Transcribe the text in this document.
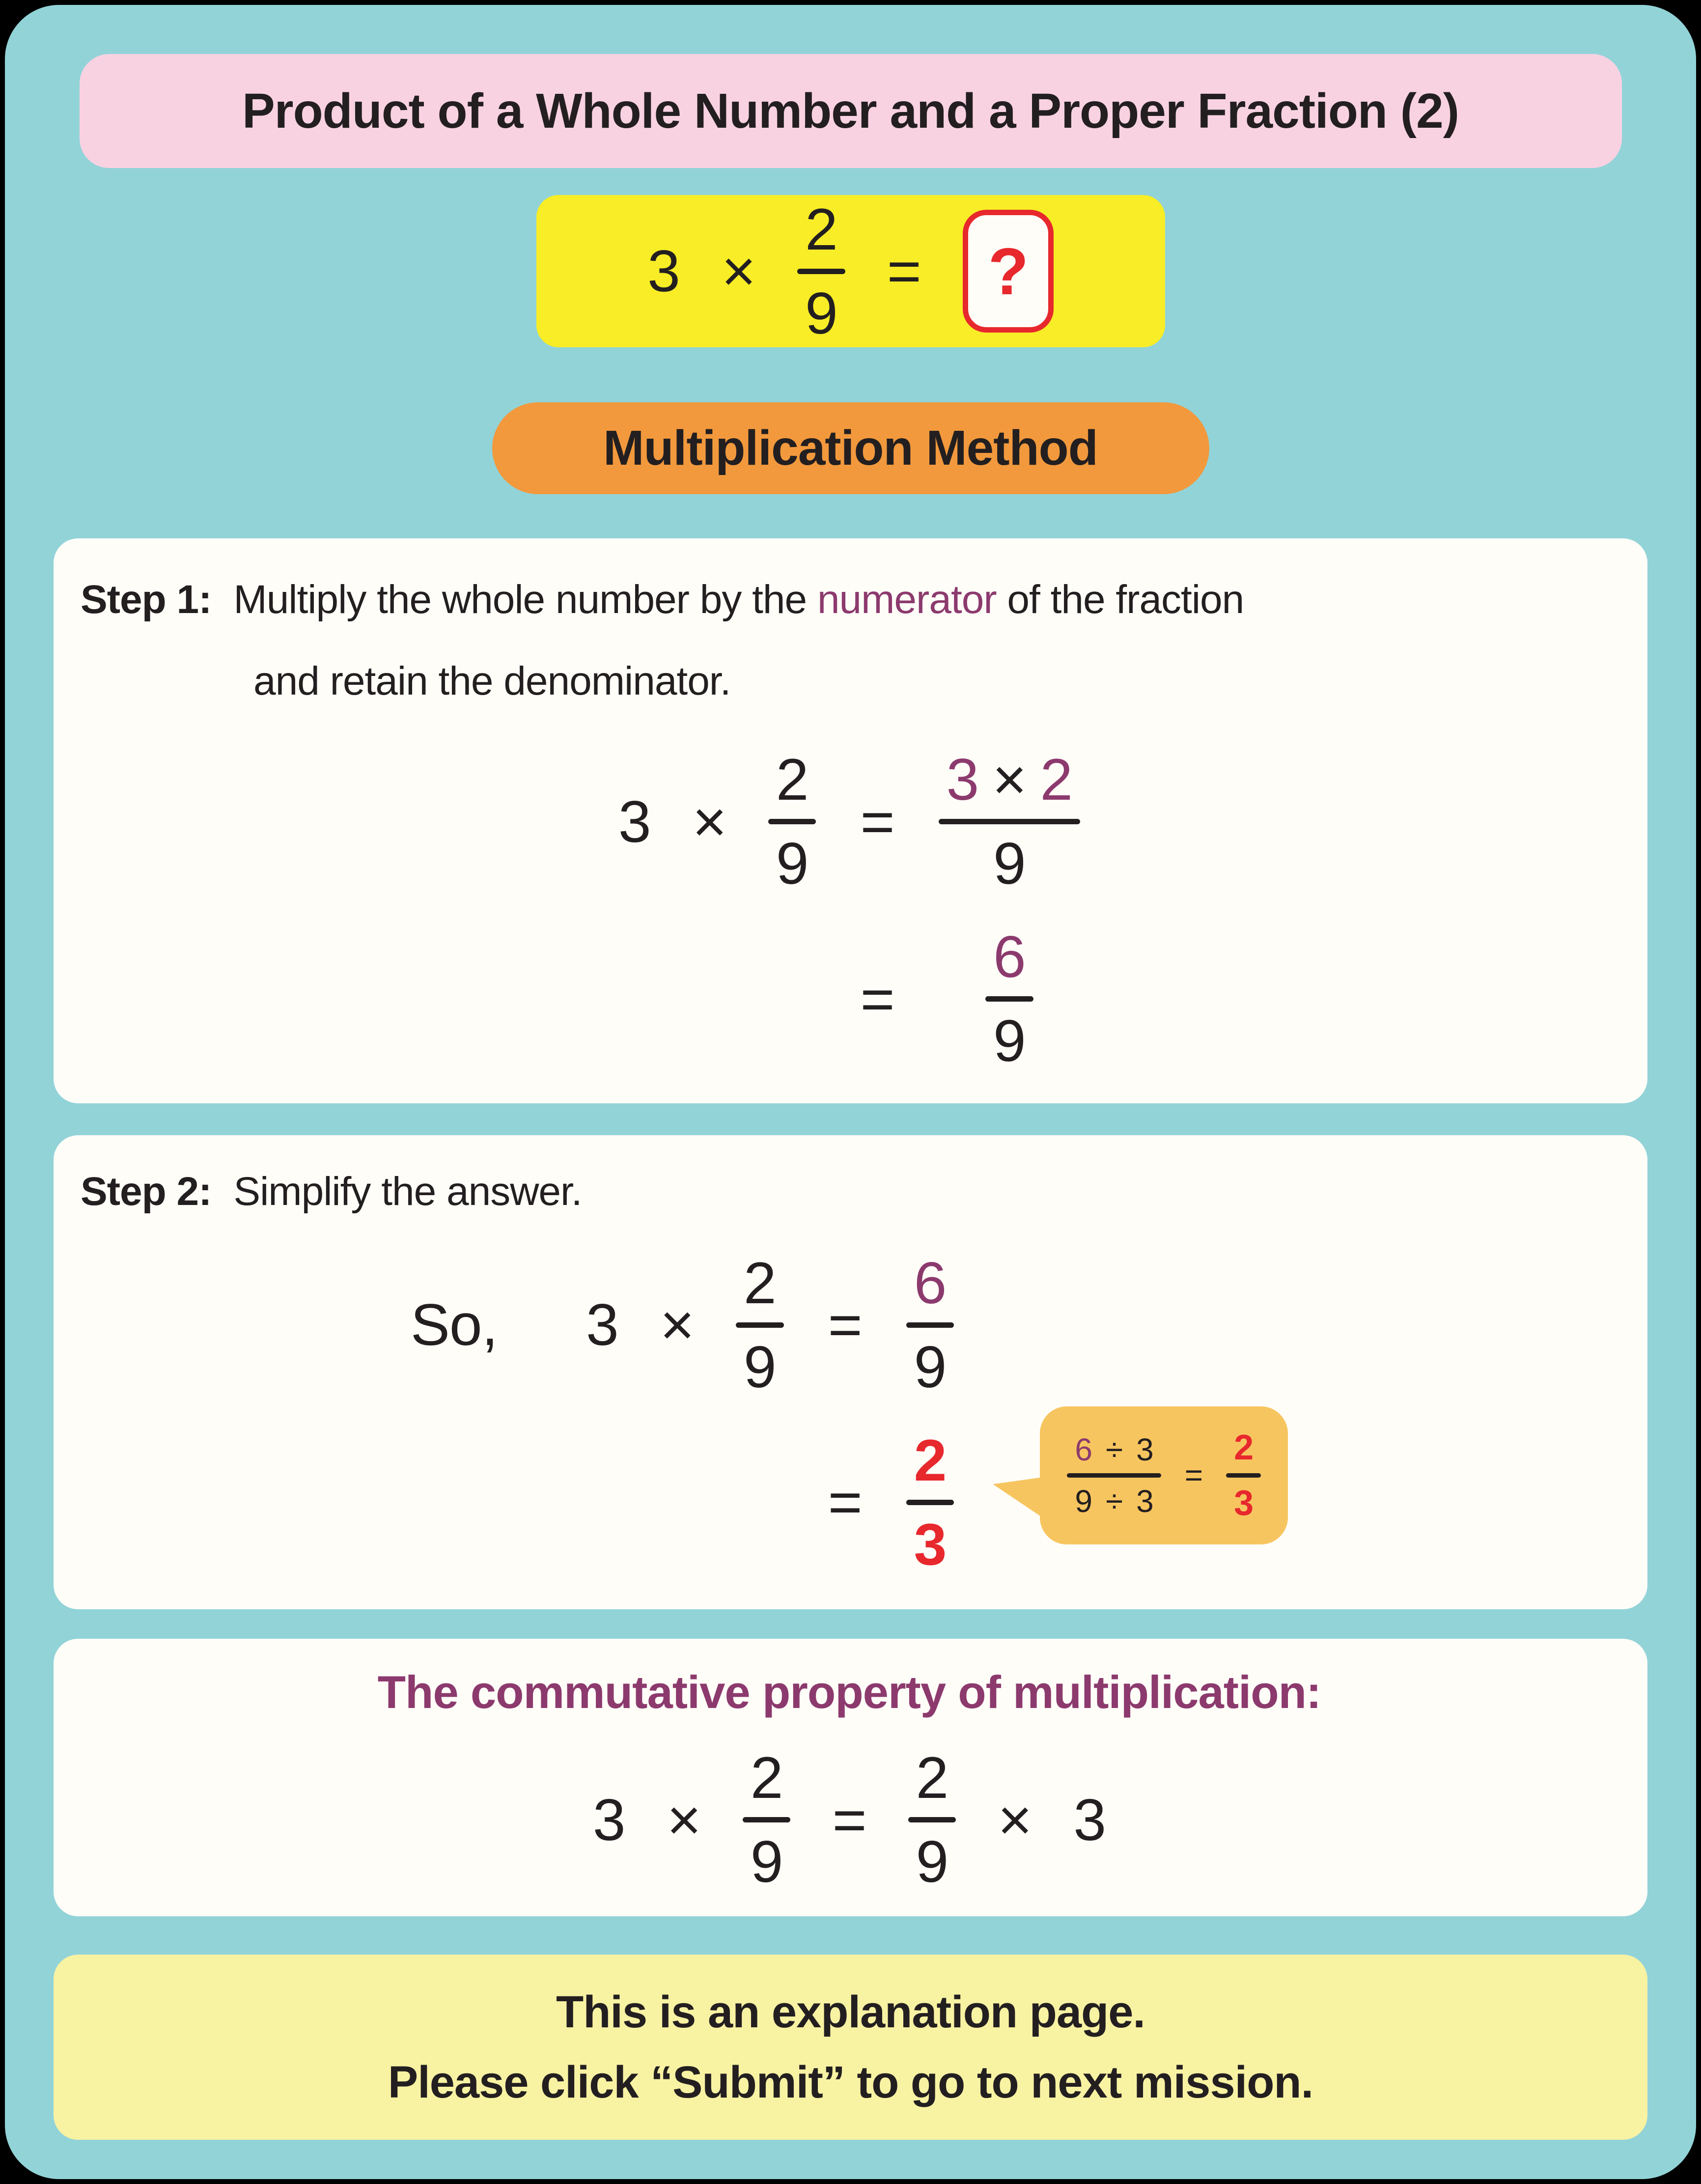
Product of a Whole Number and a Proper Fraction (2)
3 ×
2
9
= ?
Multiplication Method

Step 1: Multiply the whole number by the numerator of the fraction

and retain the denominator.

3 ×
2
9
=
3 × 2
9
=
6
9

Step 2: Simplify the answer.

So, 3 ×
2
9
=
6
9
=
2
3
6 ÷ 3
9 ÷ 3
=
2
3

The commutative property of multiplication:

3 ×
2
9
=
2
9
× 3
This is an explanation page.
Please click “Submit” to go to next mission.
